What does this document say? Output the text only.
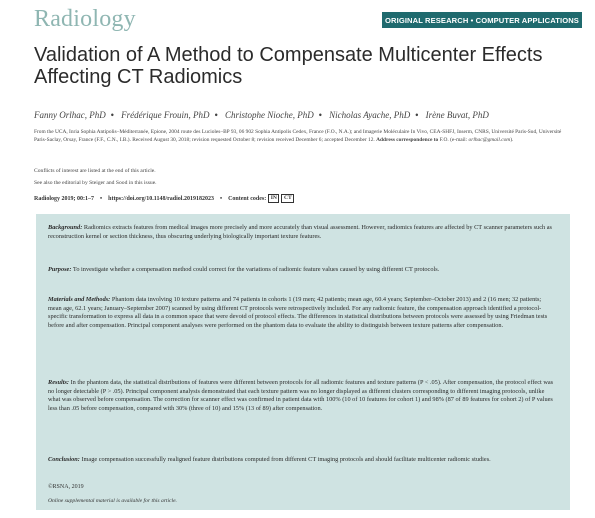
Radiology	ORIGINAL RESEARCH • COMPUTER APPLICATIONS
Validation of A Method to Compensate Multicenter Effects Affecting CT Radiomics
Fanny Orlhac, PhD • Frédérique Frouin, PhD • Christophe Nioche, PhD • Nicholas Ayache, PhD • Irène Buvat, PhD
From the UCA, Inria Sophia Antipolis–Méditerranée, Epione, 2004 route des Lucioles–BP 93, 06 902 Sophia Antipolis Cedex, France (F.O., N.A.); and Imagerie Moléculaire In Vivo, CEA-SHFJ, Inserm, CNRS, Université Paris-Sud, Université Paris-Saclay, Orsay, France (F.F., C.N., I.B.). Received August 30, 2018; revision requested October 8; revision received December 6; accepted December 12. Address correspondence to F.O. (e-mail: orlhac@gmail.com).
Conflicts of interest are listed at the end of this article.
See also the editorial by Steiger and Sood in this issue.
Radiology 2019; 00:1–7 • https://doi.org/10.1148/radiol.2019182023 • Content codes: IN	CT
Background: Radiomics extracts features from medical images more precisely and more accurately than visual assessment. However, radiomics features are affected by CT scanner parameters such as reconstruction kernel or section thickness, thus obscuring underlying biologically important texture features.
Purpose: To investigate whether a compensation method could correct for the variations of radiomic feature values caused by using different CT protocols.
Materials and Methods: Phantom data involving 10 texture patterns and 74 patients in cohorts 1 (19 men; 42 patients; mean age, 60.4 years; September–October 2013) and 2 (16 men; 32 patients; mean age, 62.1 years; January–September 2007) scanned by using different CT protocols were retrospectively included. For any radiomic feature, the compensation approach identified a protocol-specific transformation to express all data in a common space that were devoid of protocol effects. The differences in statistical distributions between protocols were assessed by using Friedman tests before and after compensation. Principal component analyses were performed on the phantom data to evaluate the ability to distinguish between texture patterns after compensation.
Results: In the phantom data, the statistical distributions of features were different between protocols for all radiomic features and texture patterns (P < .05). After compensation, the protocol effect was no longer detectable (P > .05). Principal component analysis demonstrated that each texture pattern was no longer displayed as different clusters corresponding to different imaging protocols, unlike what was observed before compensation. The correction for scanner effect was confirmed in patient data with 100% (10 of 10 features for cohort 1) and 98% (87 of 89 features for cohort 2) of P values less than .05 before compensation, compared with 30% (three of 10) and 15% (13 of 89) after compensation.
Conclusion: Image compensation successfully realigned feature distributions computed from different CT imaging protocols and should facilitate multicenter radiomic studies.
©RSNA, 2019
Online supplemental material is available for this article.
